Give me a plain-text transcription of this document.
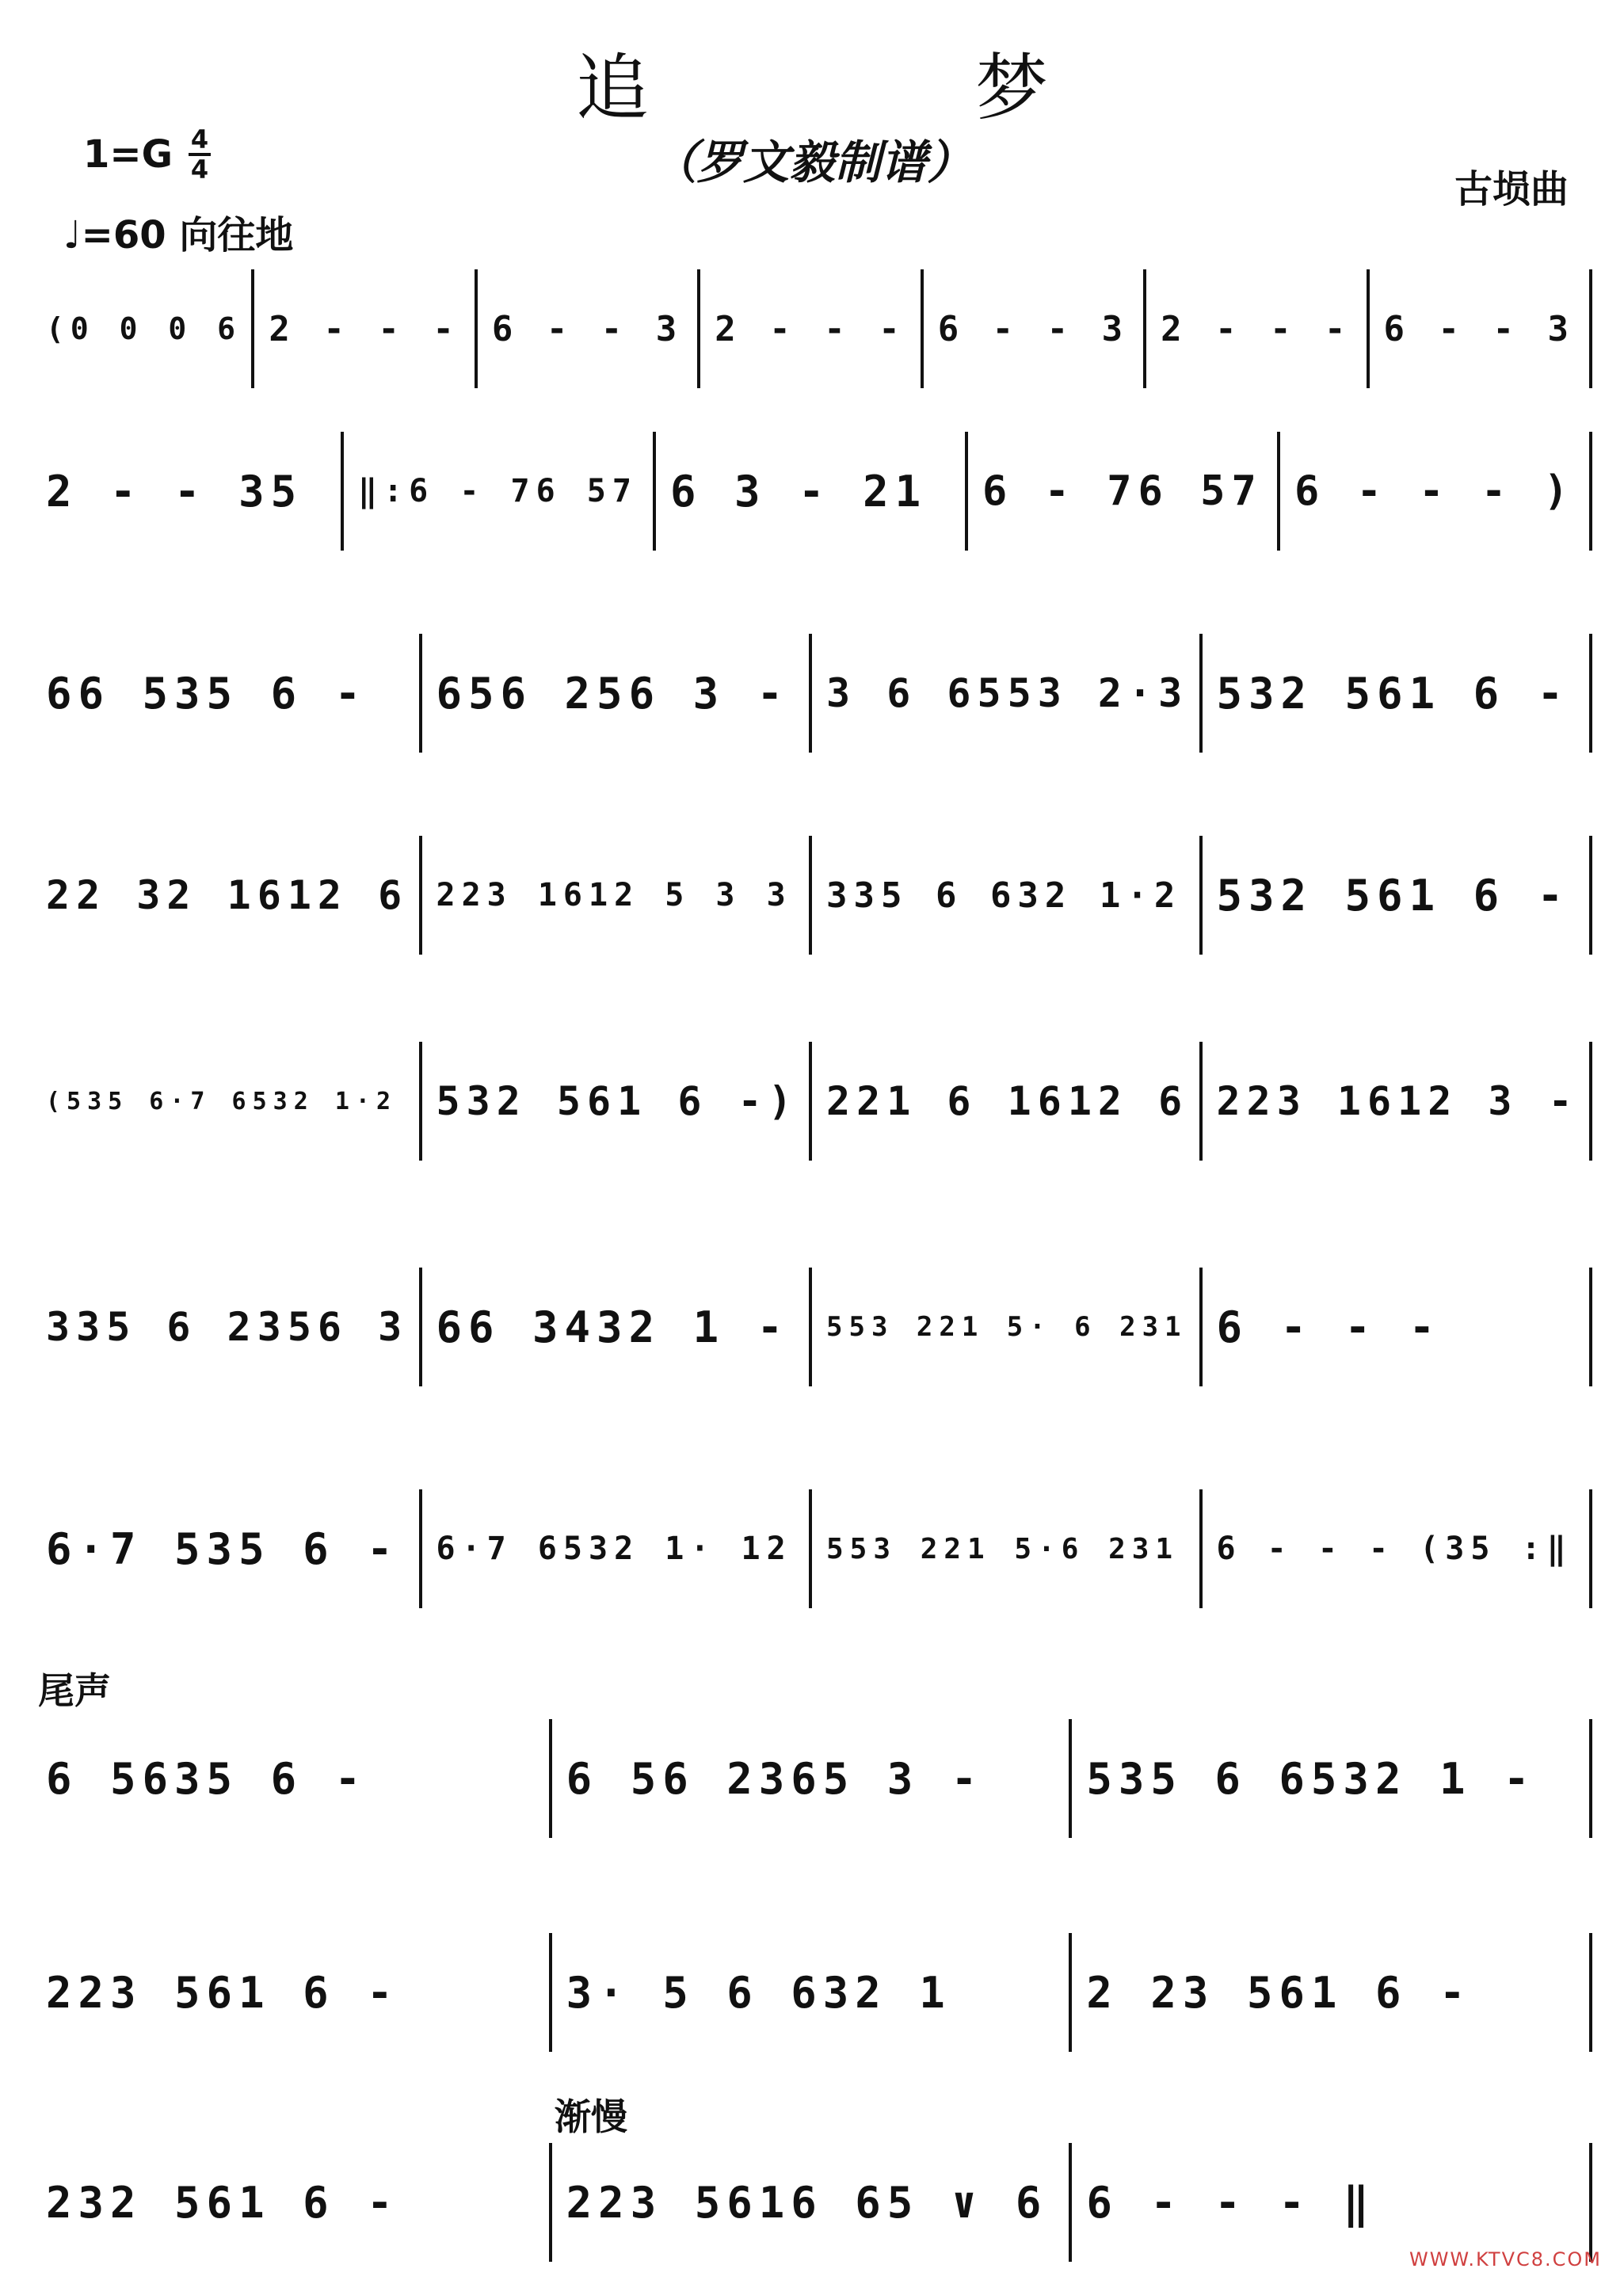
追　梦
（罗文毅制谱）
1=G 4
4	古埙曲
♩=60 向往地
尾声
渐慢
(0 0 0 6 2 - - - 6 - - 3 2 - - - 6 - - 3 2 - - - 6 - - 3
2 - - 35 ‖:6 - 76 57 6 3 - 21 6 - 76 57 6 - - - )
66 535 6 - 656 256 3 - 3 6 6553 2·3 532 561 6 -
22 32 1612 6 223 1612 5 3 3 335 6 632 1·2 532 561 6 -
(535 6·7 6532 1·2 532 561 6 -) 221 6 1612 6 223 1612 3 -
335 6 2356 3 66 3432 1 - 553 221 5· 6 231 6 - - -
6·7 535 6 - 6·7 6532 1· 12 553 221 5·6 231 6 - - - (35 :‖
6 5635 6 -	6 56 2365 3 - 535 6 6532 1 -
223 561 6 -	3· 5 6 632 1	2 23 561 6 -
232 561 6 -	223 5616 65 ∨ 6 6 - - - ‖
WWW.KTVC8.COM
